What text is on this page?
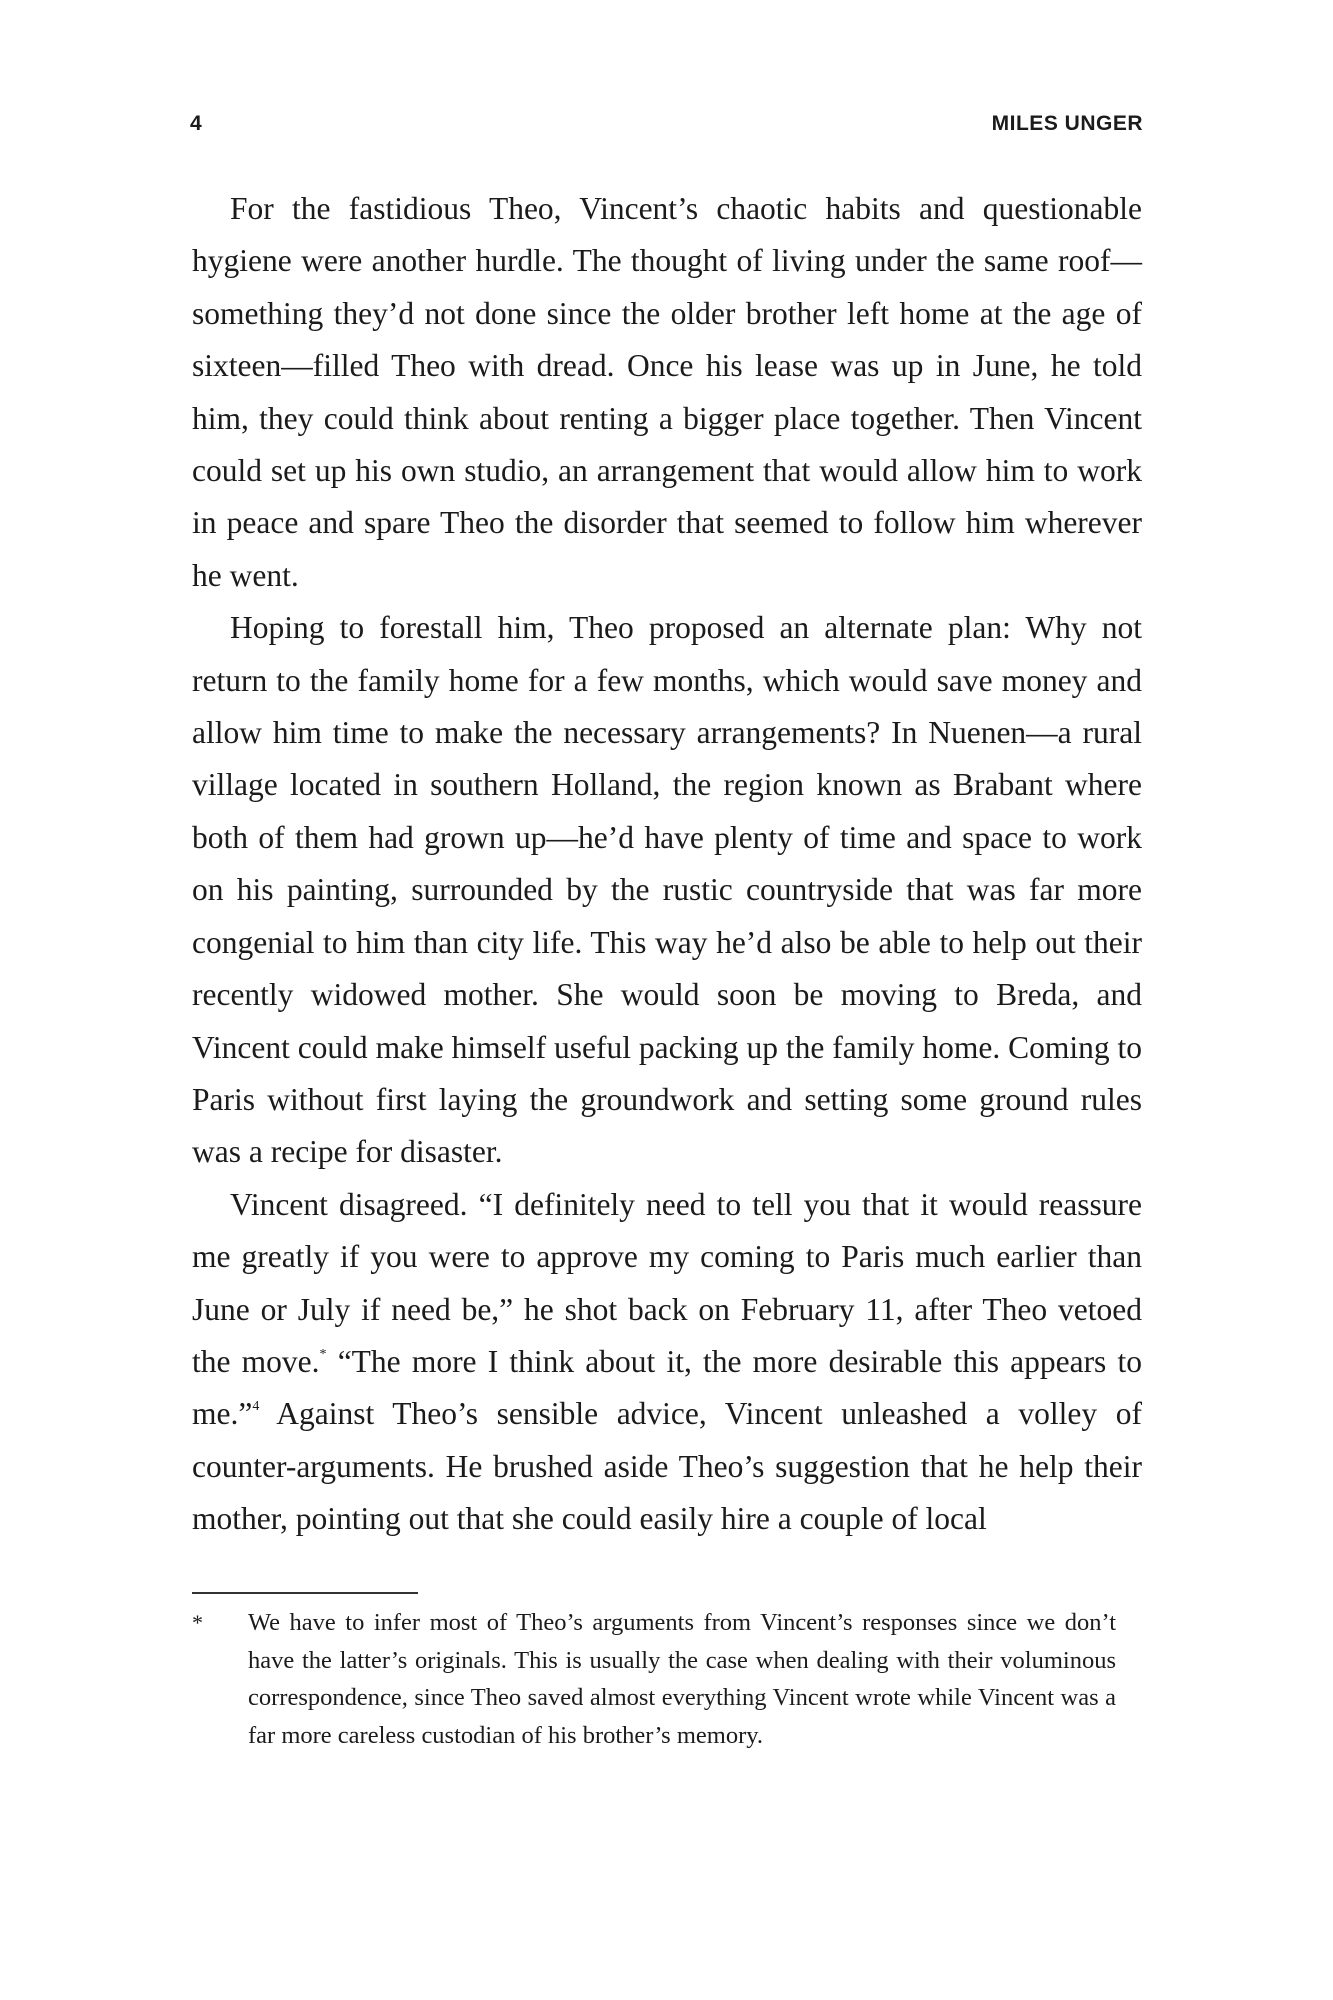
4	MILES UNGER

For the fastidious Theo, Vincent’s chaotic habits and questionable hygiene were another hurdle. The thought of living under the same roof—something they’d not done since the older brother left home at the age of sixteen—filled Theo with dread. Once his lease was up in June, he told him, they could think about renting a bigger place together. Then Vincent could set up his own studio, an arrangement that would allow him to work in peace and spare Theo the disorder that seemed to follow him wherever he went.

Hoping to forestall him, Theo proposed an alternate plan: Why not return to the family home for a few months, which would save money and allow him time to make the necessary arrangements? In Nuenen—a rural village located in southern Holland, the region known as Brabant where both of them had grown up—he’d have plenty of time and space to work on his painting, surrounded by the rustic countryside that was far more congenial to him than city life. This way he’d also be able to help out their recently widowed mother. She would soon be moving to Breda, and Vincent could make himself useful packing up the family home. Coming to Paris without first laying the groundwork and setting some ground rules was a recipe for disaster.

Vincent disagreed. “I definitely need to tell you that it would reassure me greatly if you were to approve my coming to Paris much earlier than June or July if need be,” he shot back on February 11, after Theo vetoed the move.* “The more I think about it, the more desirable this appears to me.”$^4$ Against Theo’s sensible advice, Vincent unleashed a volley of counter-arguments. He brushed aside Theo’s suggestion that he help their mother, pointing out that she could easily hire a couple of local

* We have to infer most of Theo’s arguments from Vincent’s responses since we don’t have the latter’s originals. This is usually the case when dealing with their voluminous correspondence, since Theo saved almost everything Vincent wrote while Vincent was a far more careless custodian of his brother’s memory.
